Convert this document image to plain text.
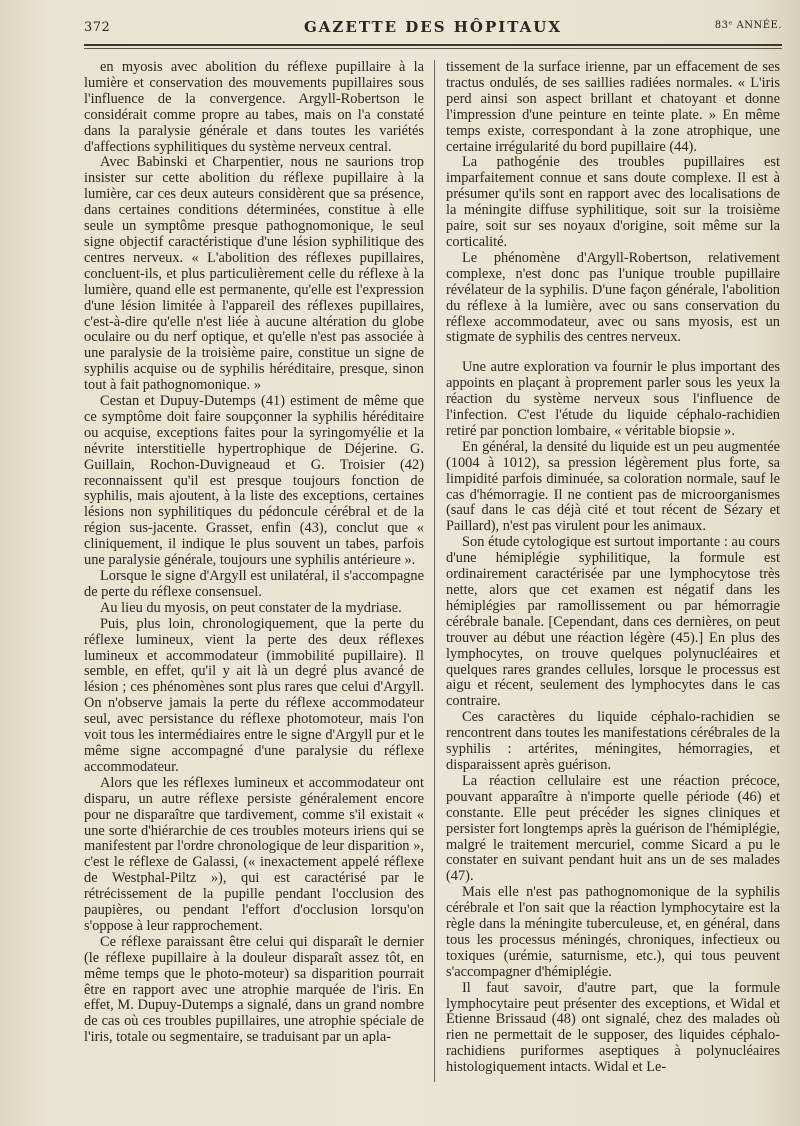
372	GAZETTE DES HÔPITAUX	83ᵉ ANNÉE.

en myosis avec abolition du réflexe pupillaire à la lumière et conservation des mouvements pupillaires sous l'influence de la convergence. Argyll-Robertson le considérait comme propre au tabes, mais on l'a constaté dans la paralysie générale et dans toutes les variétés d'affections syphilitiques du système nerveux central.

Avec Babinski et Charpentier, nous ne saurions trop insister sur cette abolition du réflexe pupillaire à la lumière, car ces deux auteurs considèrent que sa présence, dans certaines conditions déterminées, constitue à elle seule un symptôme presque pathognomonique, le seul signe objectif caractéristique d'une lésion syphilitique des centres nerveux. « L'abolition des réflexes pupillaires, concluent-ils, et plus particulièrement celle du réflexe à la lumière, quand elle est permanente, qu'elle est l'expression d'une lésion limitée à l'appareil des réflexes pupillaires, c'est-à-dire qu'elle n'est liée à aucune altération du globe oculaire ou du nerf optique, et qu'elle n'est pas associée à une paralysie de la troisième paire, constitue un signe de syphilis acquise ou de syphilis héréditaire, presque, sinon tout à fait pathognomonique. »

Cestan et Dupuy-Dutemps (41) estiment de même que ce symptôme doit faire soupçonner la syphilis héréditaire ou acquise, exceptions faites pour la syringomyélie et la névrite interstitielle hypertrophique de Déjerine. G. Guillain, Rochon-Duvigneaud et G. Troisier (42) reconnaissent qu'il est presque toujours fonction de syphilis, mais ajoutent, à la liste des exceptions, certaines lésions non syphilitiques du pédoncule cérébral et de la région sus-jacente. Grasset, enfin (43), conclut que « cliniquement, il indique le plus souvent un tabes, parfois une paralysie générale, toujours une syphilis antérieure ».

Lorsque le signe d'Argyll est unilatéral, il s'accompagne de perte du réflexe consensuel.

Au lieu du myosis, on peut constater de la mydriase.

Puis, plus loin, chronologiquement, que la perte du réflexe lumineux, vient la perte des deux réflexes lumineux et accommodateur (immobilité pupillaire). Il semble, en effet, qu'il y ait là un degré plus avancé de lésion ; ces phénomènes sont plus rares que celui d'Argyll. On n'observe jamais la perte du réflexe accommodateur seul, avec persistance du réflexe photomoteur, mais l'on voit tous les intermédiaires entre le signe d'Argyll pur et le même signe accompagné d'une paralysie du réflexe accommodateur.

Alors que les réflexes lumineux et accommodateur ont disparu, un autre réflexe persiste généralement encore pour ne disparaître que tardivement, comme s'il existait « une sorte d'hiérarchie de ces troubles moteurs iriens qui se manifestent par l'ordre chronologique de leur disparition », c'est le réflexe de Galassi, (« inexactement appelé réflexe de Westphal-Piltz »), qui est caractérisé par le rétrécissement de la pupille pendant l'occlusion des paupières, ou pendant l'effort d'occlusion lorsqu'on s'oppose à leur rapprochement.

Ce réflexe paraissant être celui qui disparaît le dernier (le réflexe pupillaire à la douleur disparaît assez tôt, en même temps que le photo-moteur) sa disparition pourrait être en rapport avec une atrophie marquée de l'iris. En effet, M. Dupuy-Dutemps a signalé, dans un grand nombre de cas où ces troubles pupillaires, une atrophie spéciale de l'iris, totale ou segmentaire, se traduisant par un apla-

tissement de la surface irienne, par un effacement de ses tractus ondulés, de ses saillies radiées normales. « L'iris perd ainsi son aspect brillant et chatoyant et donne l'impression d'une peinture en teinte plate. » En même temps existe, correspondant à la zone atrophique, une certaine irrégularité du bord pupillaire (44).

La pathogénie des troubles pupillaires est imparfaitement connue et sans doute complexe. Il est à présumer qu'ils sont en rapport avec des localisations de la méningite diffuse syphilitique, soit sur la troisième paire, soit sur ses noyaux d'origine, soit même sur la corticalité.

Le phénomène d'Argyll-Robertson, relativement complexe, n'est donc pas l'unique trouble pupillaire révélateur de la syphilis. D'une façon générale, l'abolition du réflexe à la lumière, avec ou sans conservation du réflexe accommodateur, avec ou sans myosis, est un stigmate de syphilis des centres nerveux.

Une autre exploration va fournir le plus important des appoints en plaçant à proprement parler sous les yeux la réaction du système nerveux sous l'influence de l'infection. C'est l'étude du liquide céphalo-rachidien retiré par ponction lombaire, « véritable biopsie ».

En général, la densité du liquide est un peu augmentée (1004 à 1012), sa pression légèrement plus forte, sa limpidité parfois diminuée, sa coloration normale, sauf le cas d'hémorragie. Il ne contient pas de microorganismes (sauf dans le cas déjà cité et tout récent de Sézary et Paillard), n'est pas virulent pour les animaux.

Son étude cytologique est surtout importante : au cours d'une hémiplégie syphilitique, la formule est ordinairement caractérisée par une lymphocytose très nette, alors que cet examen est négatif dans les hémiplégies par ramollissement ou par hémorragie cérébrale banale. [Cependant, dans ces dernières, on peut trouver au début une réaction légère (45).] En plus des lymphocytes, on trouve quelques polynucléaires et quelques rares grandes cellules, lorsque le processus est aigu et récent, seulement des lymphocytes dans le cas contraire.

Ces caractères du liquide céphalo-rachidien se rencontrent dans toutes les manifestations cérébrales de la syphilis : artérites, méningites, hémorragies, et disparaissent après guérison.

La réaction cellulaire est une réaction précoce, pouvant apparaître à n'importe quelle période (46) et constante. Elle peut précéder les signes cliniques et persister fort longtemps après la guérison de l'hémiplégie, malgré le traitement mercuriel, comme Sicard a pu le constater en suivant pendant huit ans un de ses malades (47).

Mais elle n'est pas pathognomonique de la syphilis cérébrale et l'on sait que la réaction lymphocytaire est la règle dans la méningite tuberculeuse, et, en général, dans tous les processus méningés, chroniques, infectieux ou toxiques (urémie, saturnisme, etc.), qui tous peuvent s'accompagner d'hémiplégie.

Il faut savoir, d'autre part, que la formule lymphocytaire peut présenter des exceptions, et Widal et Étienne Brissaud (48) ont signalé, chez des malades où rien ne permettait de le supposer, des liquides céphalo-rachidiens puriformes aseptiques à polynucléaires histologiquement intacts. Widal et Le-
